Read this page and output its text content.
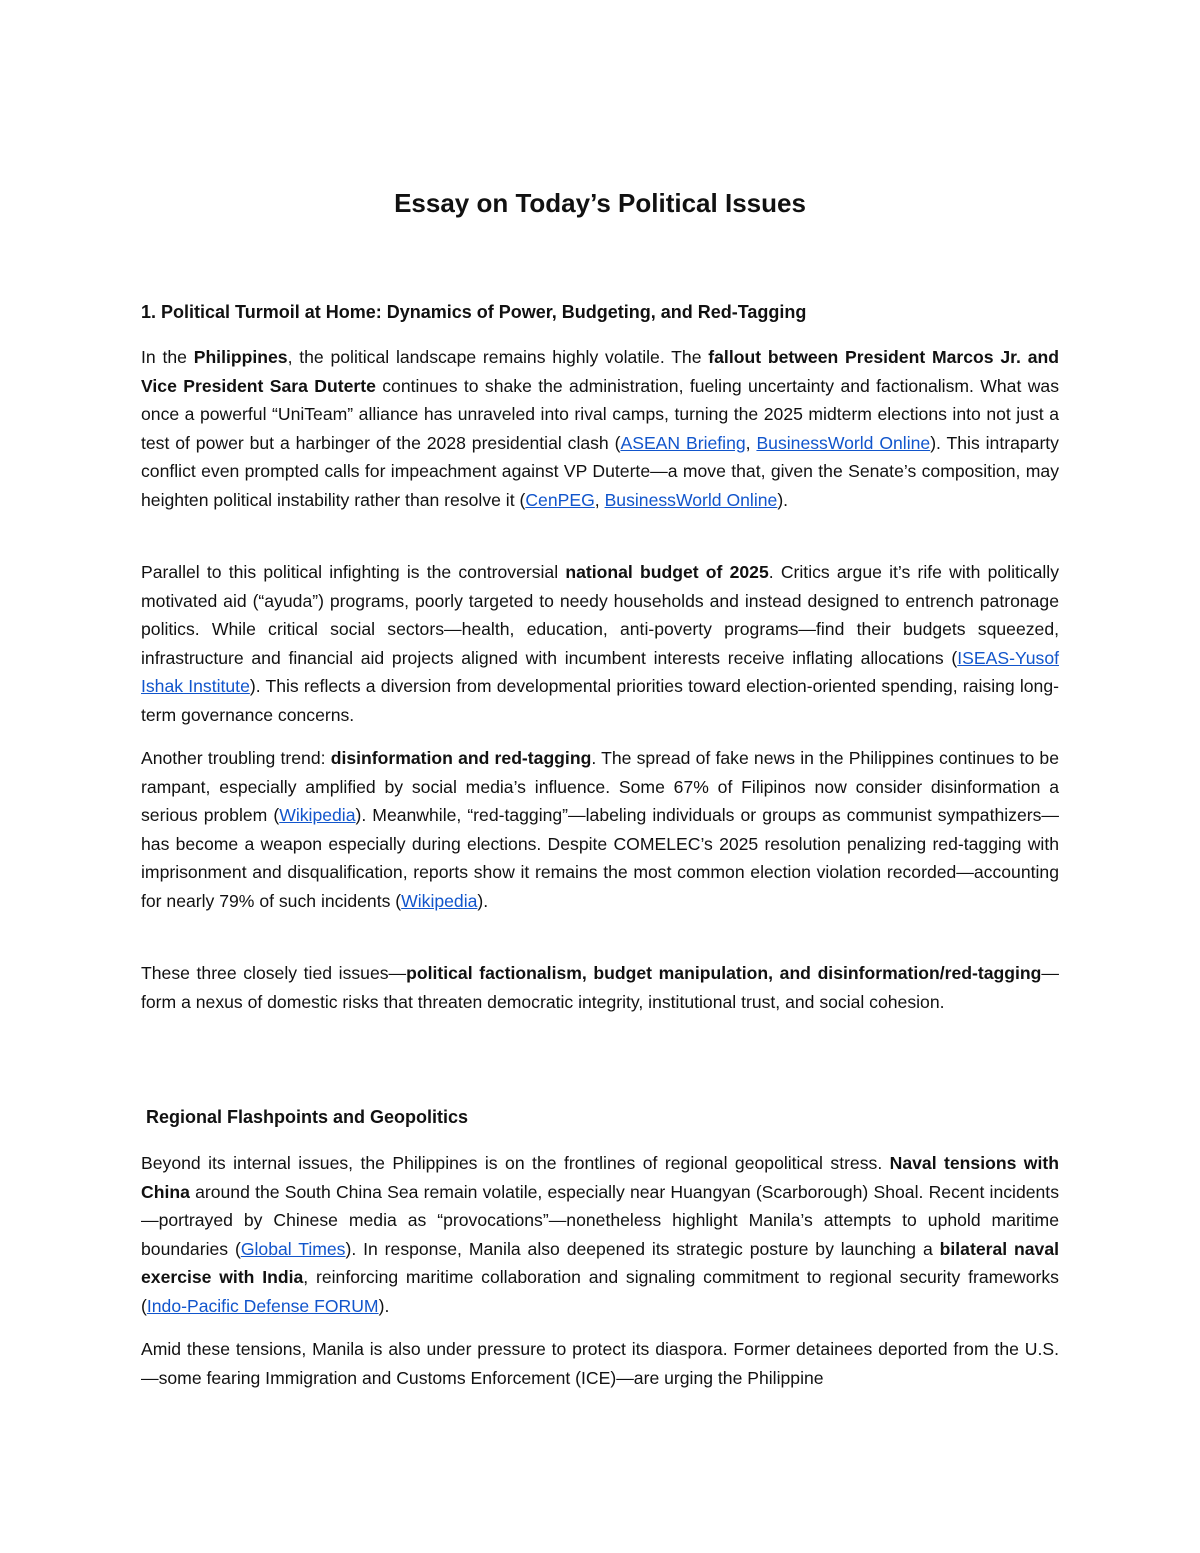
Essay on Today’s Political Issues
1. Political Turmoil at Home: Dynamics of Power, Budgeting, and Red-Tagging

In the Philippines, the political landscape remains highly volatile. The fallout between President Marcos Jr. and Vice President Sara Duterte continues to shake the administration, fueling uncertainty and factionalism. What was once a powerful “UniTeam” alliance has unraveled into rival camps, turning the 2025 midterm elections into not just a test of power but a harbinger of the 2028 presidential clash (ASEAN Briefing, BusinessWorld Online). This intraparty conflict even prompted calls for impeachment against VP Duterte—a move that, given the Senate’s composition, may heighten political instability rather than resolve it (CenPEG, BusinessWorld Online).

Parallel to this political infighting is the controversial national budget of 2025. Critics argue it’s rife with politically motivated aid (“ayuda”) programs, poorly targeted to needy households and instead designed to entrench patronage politics. While critical social sectors—health, education, anti-poverty programs—find their budgets squeezed, infrastructure and financial aid projects aligned with incumbent interests receive inflating allocations (ISEAS-Yusof Ishak Institute). This reflects a diversion from developmental priorities toward election-oriented spending, raising long-term governance concerns.

Another troubling trend: disinformation and red-tagging. The spread of fake news in the Philippines continues to be rampant, especially amplified by social media’s influence. Some 67% of Filipinos now consider disinformation a serious problem (Wikipedia). Meanwhile, “red-tagging”—labeling individuals or groups as communist sympathizers—has become a weapon especially during elections. Despite COMELEC’s 2025 resolution penalizing red-tagging with imprisonment and disqualification, reports show it remains the most common election violation recorded—accounting for nearly 79% of such incidents (Wikipedia).

These three closely tied issues—political factionalism, budget manipulation, and disinformation/red-tagging—form a nexus of domestic risks that threaten democratic integrity, institutional trust, and social cohesion.

Regional Flashpoints and Geopolitics

Beyond its internal issues, the Philippines is on the frontlines of regional geopolitical stress. Naval tensions with China around the South China Sea remain volatile, especially near Huangyan (Scarborough) Shoal. Recent incidents—portrayed by Chinese media as “provocations”—nonetheless highlight Manila’s attempts to uphold maritime boundaries (Global Times). In response, Manila also deepened its strategic posture by launching a bilateral naval exercise with India, reinforcing maritime collaboration and signaling commitment to regional security frameworks (Indo-Pacific Defense FORUM).

Amid these tensions, Manila is also under pressure to protect its diaspora. Former detainees deported from the U.S.—some fearing Immigration and Customs Enforcement (ICE)—are urging the Philippine
